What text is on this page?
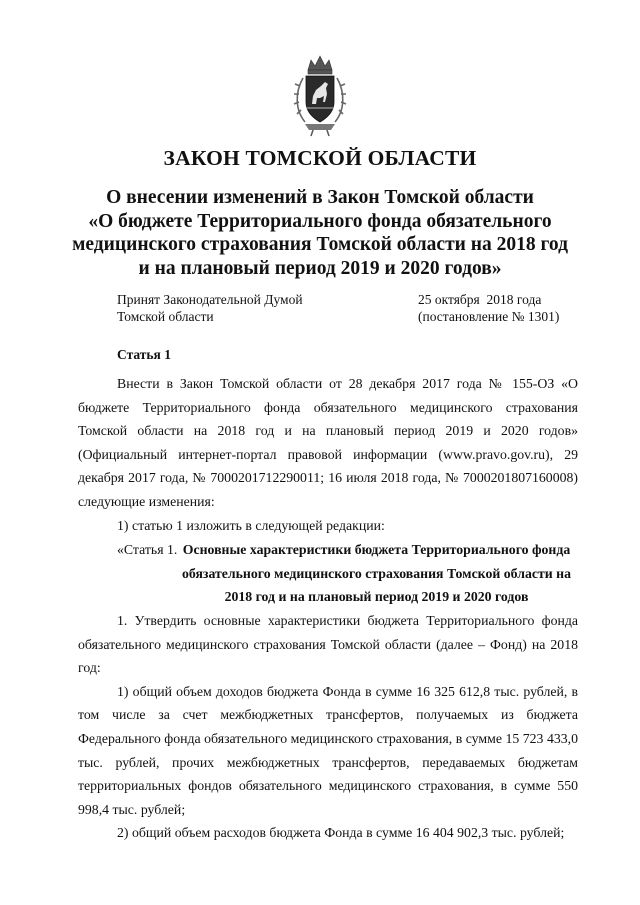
ЗАКОН ТОМСКОЙ ОБЛАСТИ
О внесении изменений в Закон Томской области
«О бюджете Территориального фонда обязательного
медицинского страхования Томской области на 2018 год
и на плановый период 2019 и 2020 годов»
Принят Законодательной Думой
Томской области
25 октября  2018 года
(постановление № 1301)
Статья 1

Внести в Закон Томской области от 28 декабря 2017 года № 155-ОЗ «О бюджете Территориального фонда обязательного медицинского страхования Томской области на 2018 год и на плановый период 2019 и 2020 годов» (Официальный интернет-портал правовой информации (www.pravo.gov.ru), 29 декабря 2017 года, № 7000201712290011; 16 июля 2018 года, № 7000201807160008) следующие изменения:

1) статью 1 изложить в следующей редакции:

«Статья 1. Основные характеристики бюджета Территориального фонда обязательного медицинского страхования Томской области на 2018 год и на плановый период 2019 и 2020 годов

1. Утвердить основные характеристики бюджета Территориального фонда обязательного медицинского страхования Томской области (далее – Фонд) на 2018 год:

1) общий объем доходов бюджета Фонда в сумме 16 325 612,8 тыс. рублей, в том числе за счет межбюджетных трансфертов, получаемых из бюджета Федерального фонда обязательного медицинского страхования, в сумме 15 723 433,0 тыс. рублей, прочих межбюджетных трансфертов, передаваемых бюджетам территориальных фондов обязательного медицинского страхования, в сумме 550 998,4 тыс. рублей;

2) общий объем расходов бюджета Фонда в сумме 16 404 902,3 тыс. рублей;
